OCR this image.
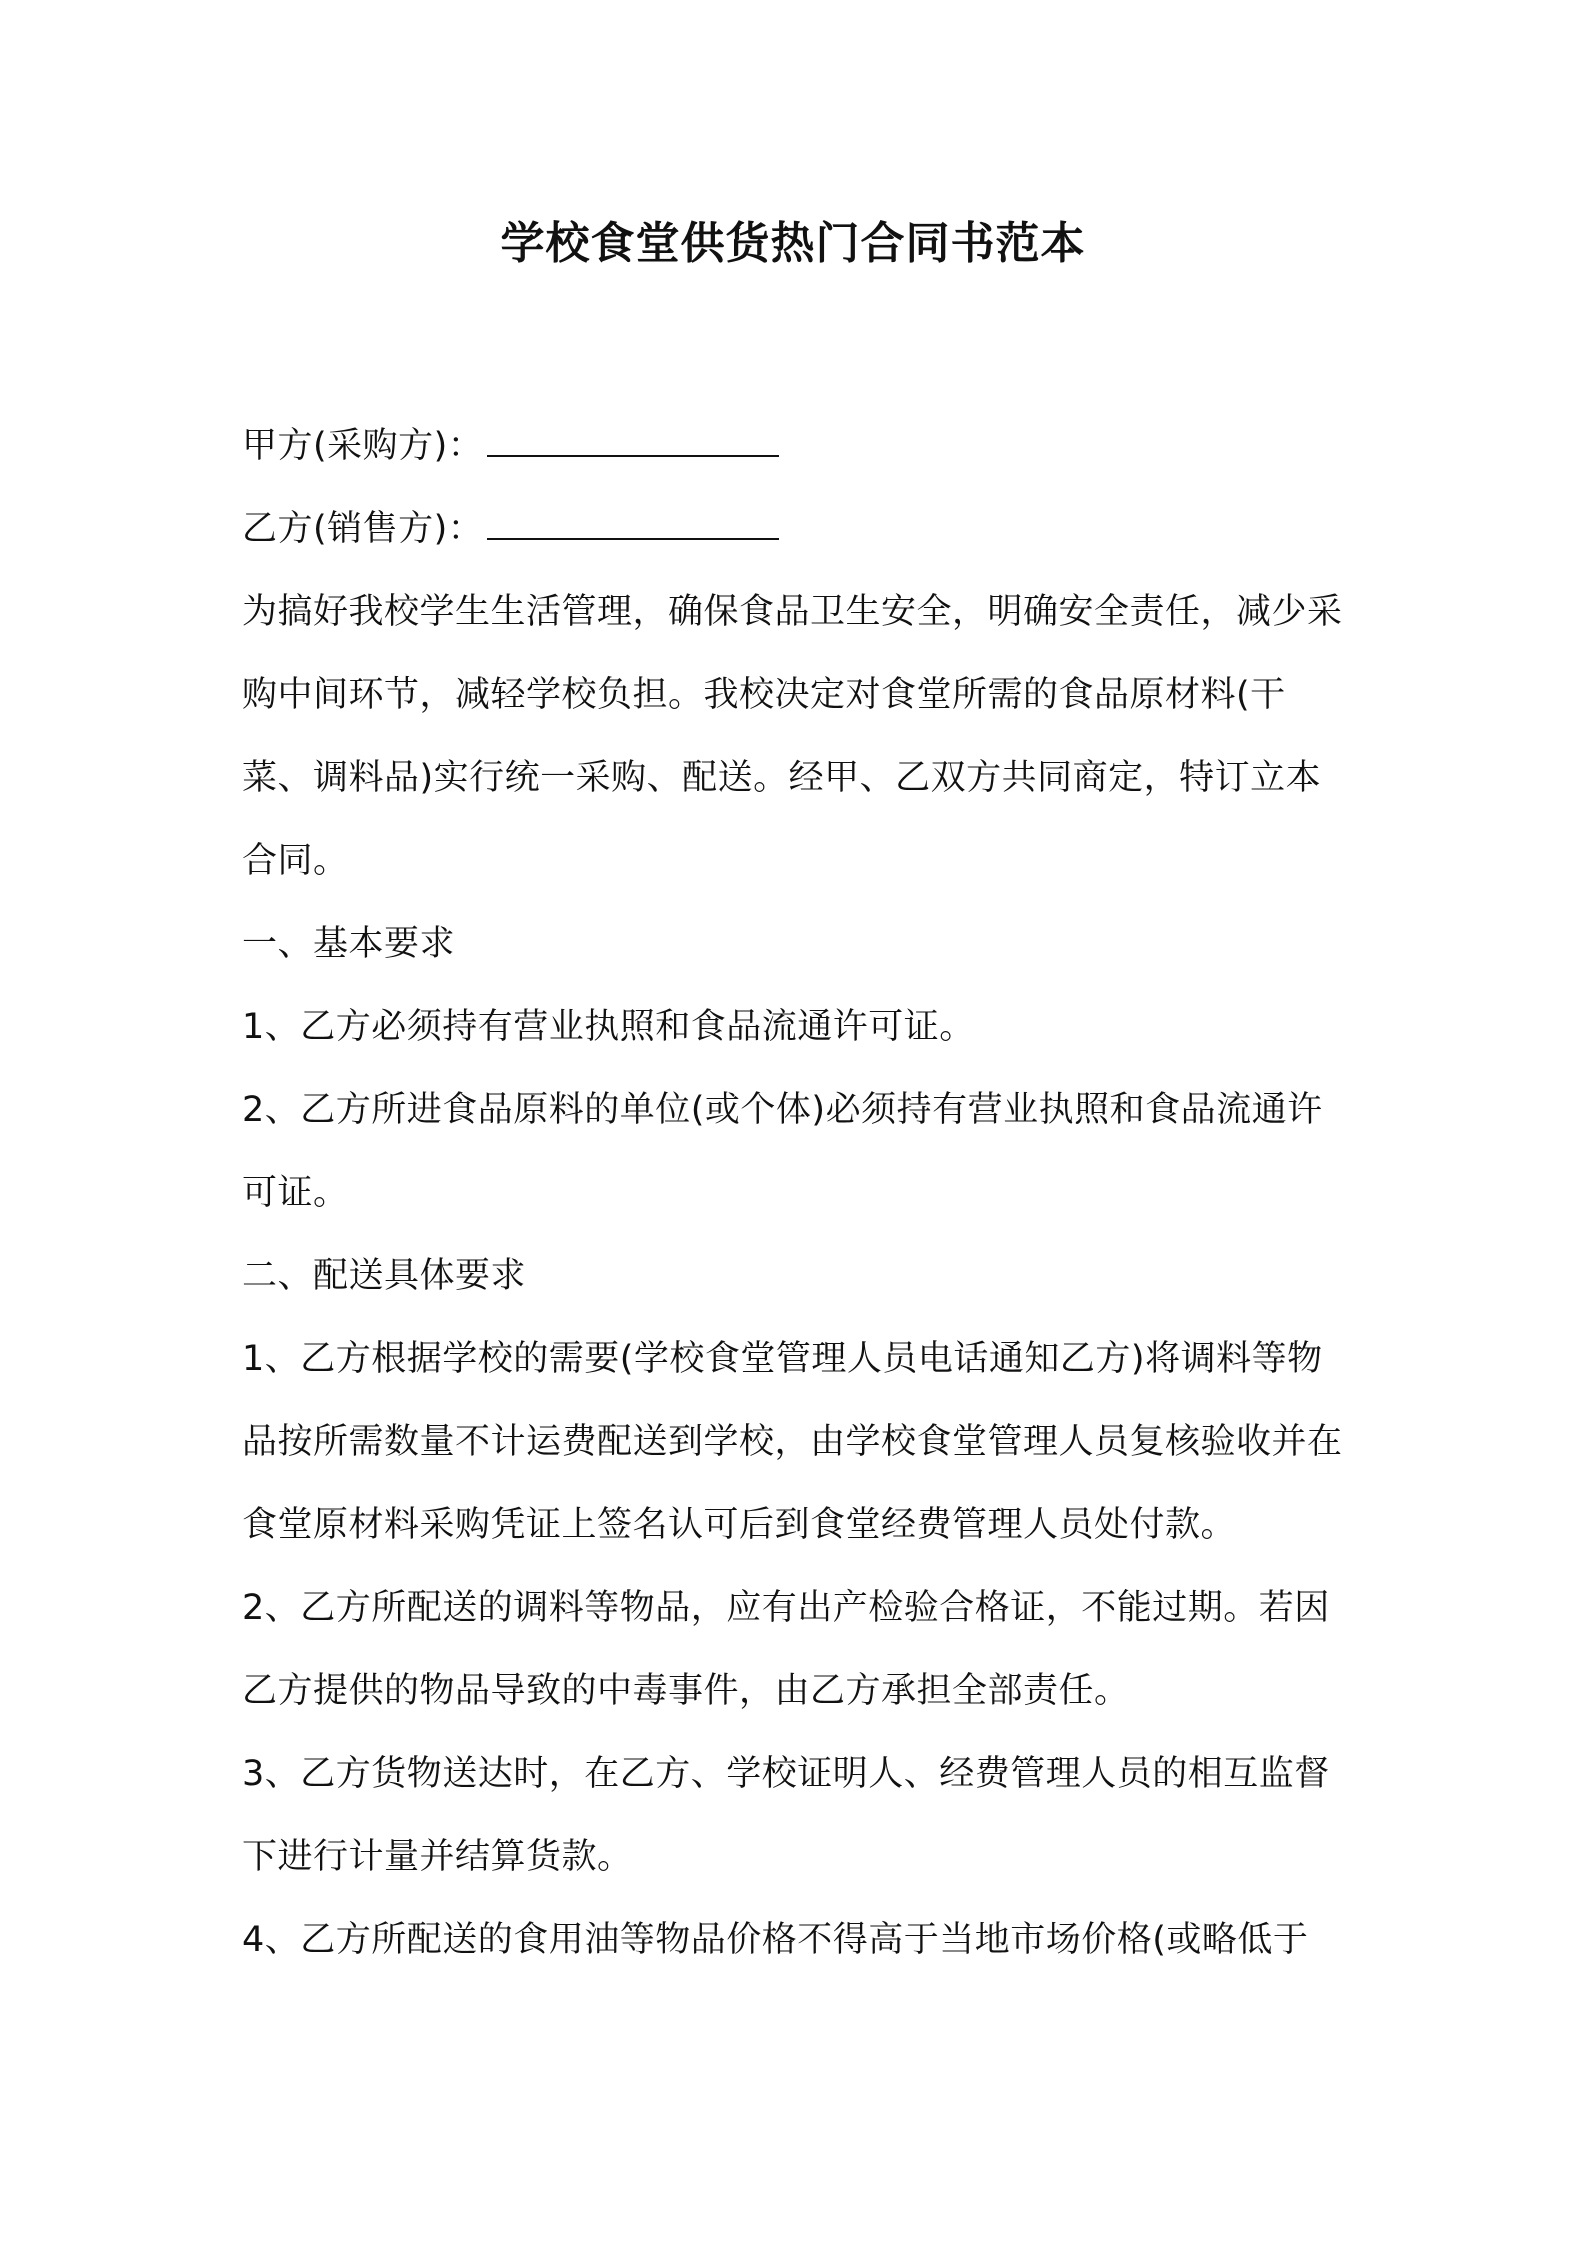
学校食堂供货热门合同书范本

甲方(采购方)：

乙方(销售方)：

为搞好我校学生生活管理，确保食品卫生安全，明确安全责任，减少采购中间环节，减轻学校负担。我校决定对食堂所需的食品原材料(干菜、调料品)实行统一采购、配送。经甲、乙双方共同商定，特订立本合同。

一、基本要求

1、乙方必须持有营业执照和食品流通许可证。

2、乙方所进食品原料的单位(或个体)必须持有营业执照和食品流通许可证。

二、配送具体要求

1、乙方根据学校的需要(学校食堂管理人员电话通知乙方)将调料等物品按所需数量不计运费配送到学校，由学校食堂管理人员复核验收并在食堂原材料采购凭证上签名认可后到食堂经费管理人员处付款。

2、乙方所配送的调料等物品，应有出产检验合格证，不能过期。若因乙方提供的物品导致的中毒事件，由乙方承担全部责任。

3、乙方货物送达时，在乙方、学校证明人、经费管理人员的相互监督下进行计量并结算货款。

4、乙方所配送的食用油等物品价格不得高于当地市场价格(或略低于
